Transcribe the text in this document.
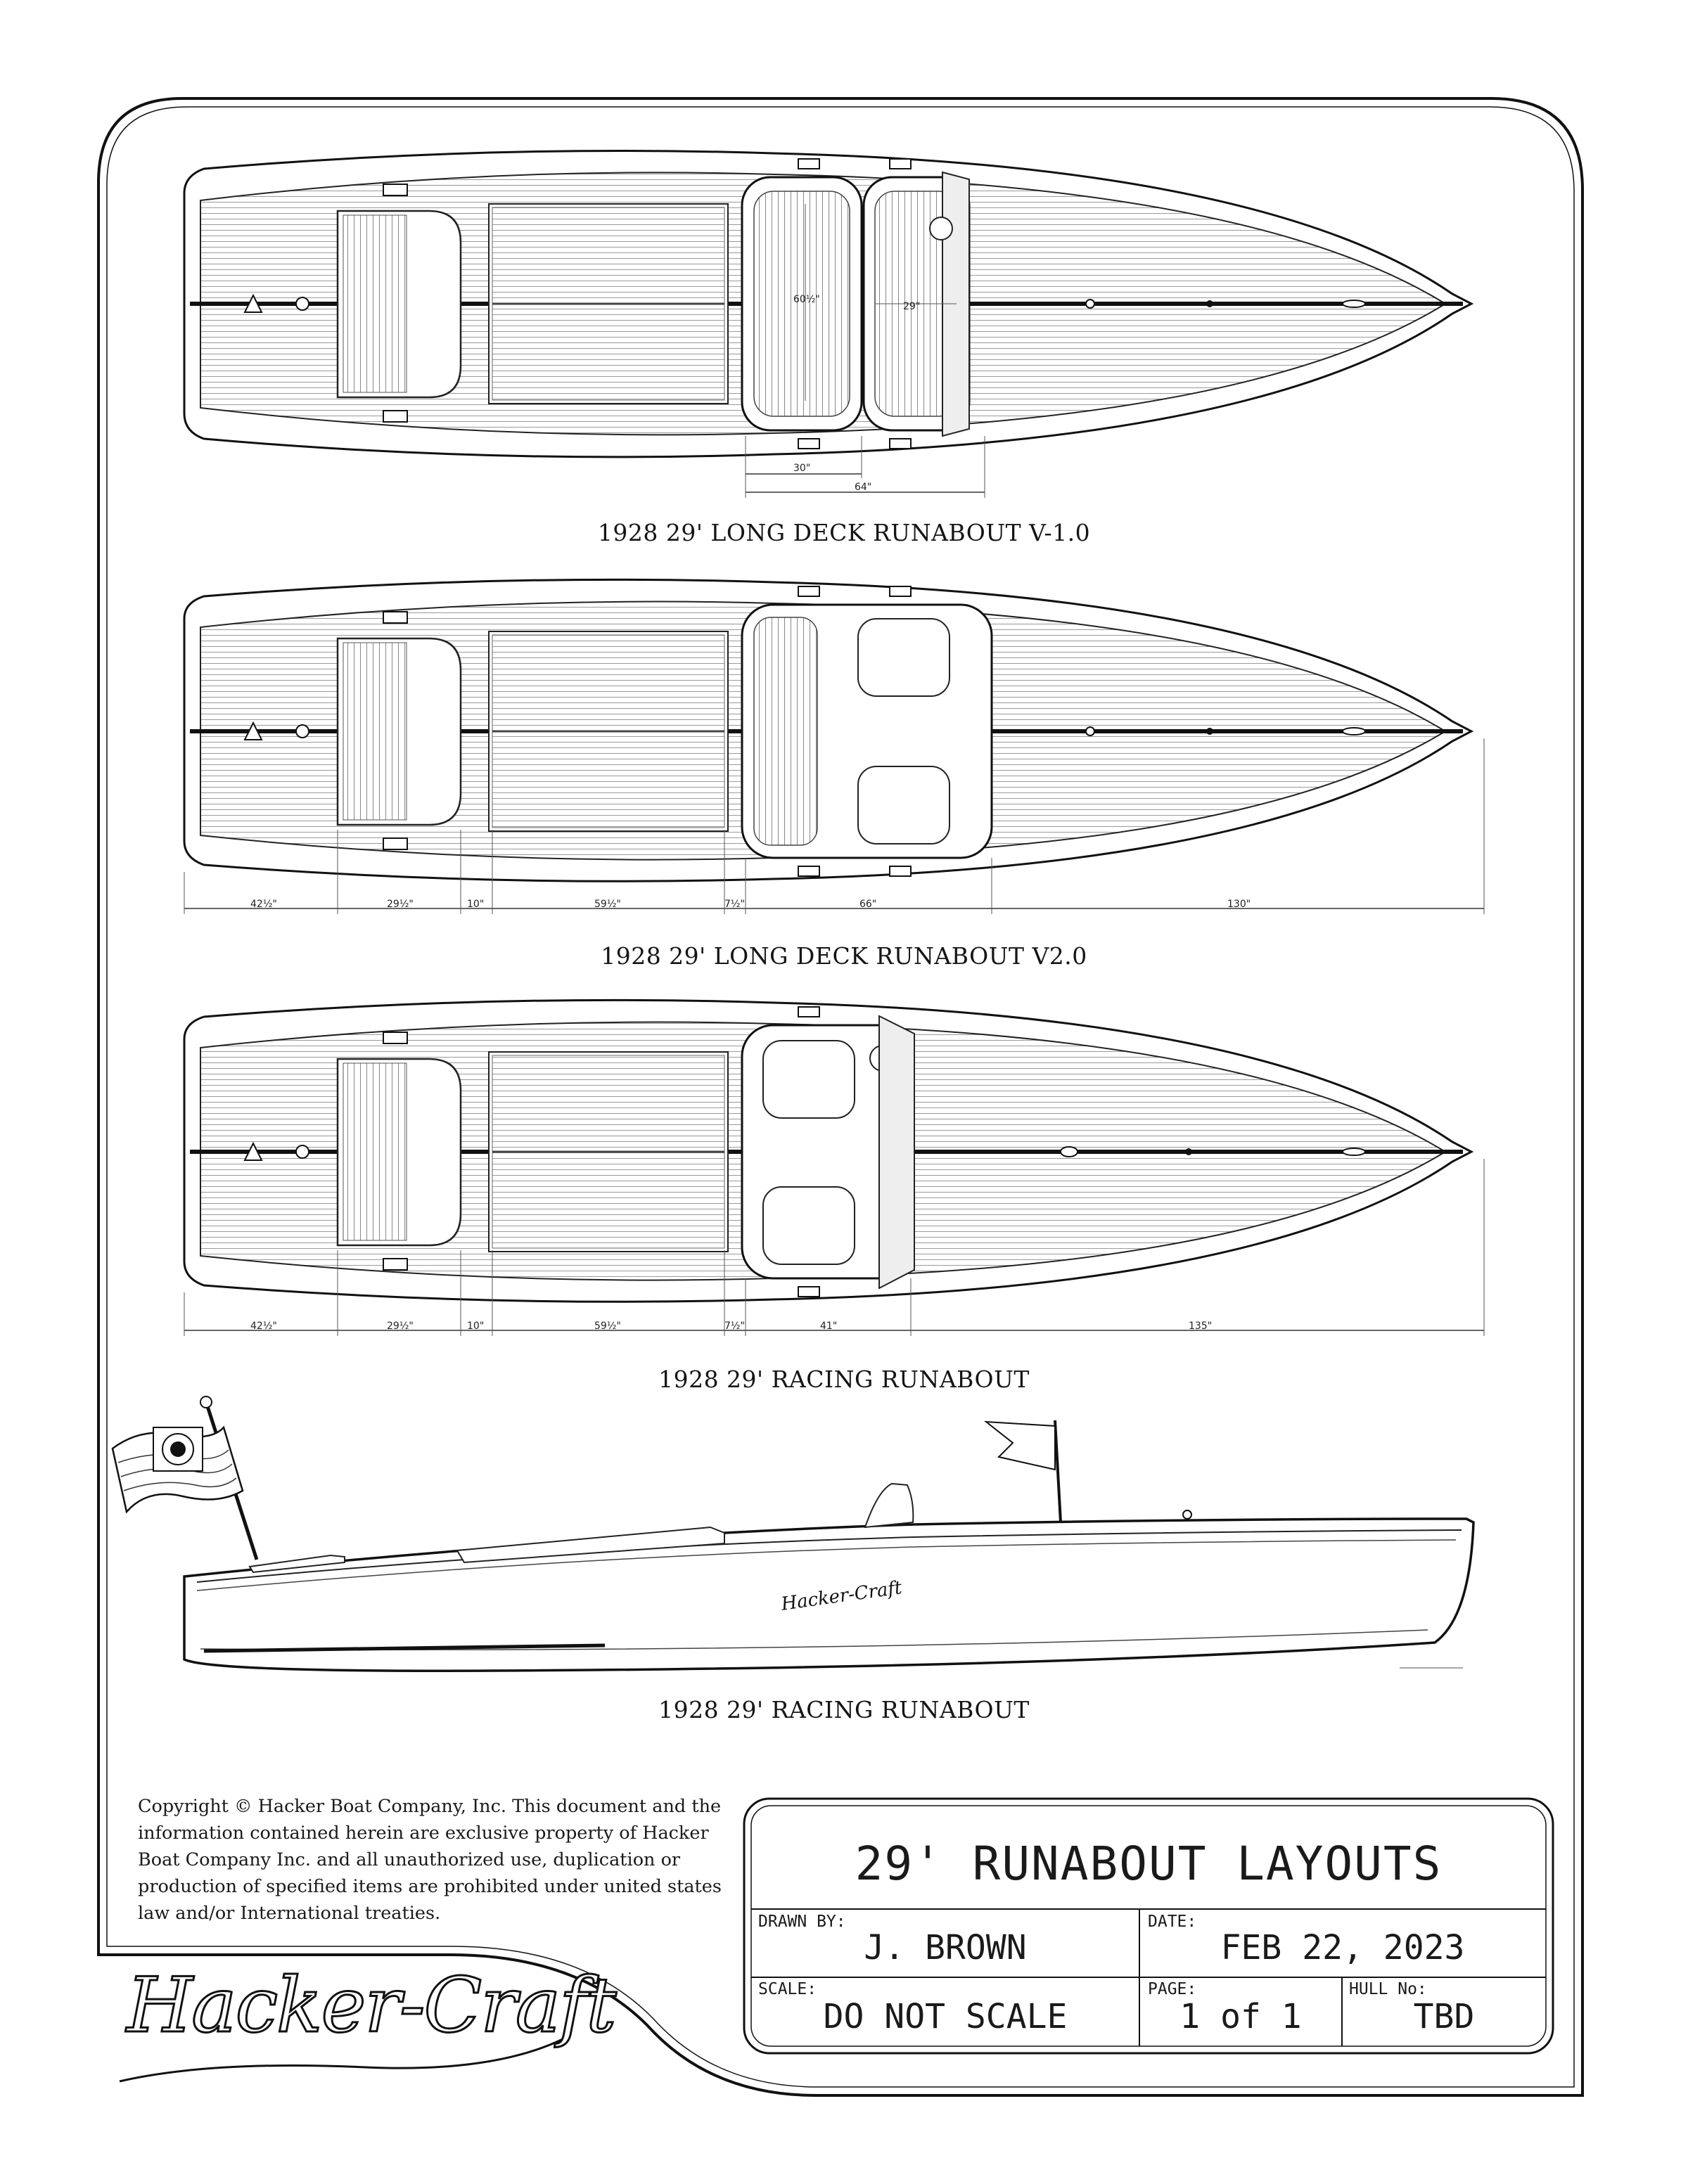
1928 29' LONG DECK RUNABOUT V-1.0
1928 29' LONG DECK RUNABOUT V2.0
1928 29' RACING RUNABOUT
1928 29' RACING RUNABOUT
60½"
29"
30"
64"
42½"	29½"	10"	59½"	7½"	66"	130"
42½"	29½"	10"	59½"	7½"	41"	135"
Hacker-Craft
Copyright © Hacker Boat Company, Inc. This document and the information contained herein are exclusive property of Hacker Boat Company Inc. and all unauthorized use, duplication or production of specified items are prohibited under united states law and/or International treaties.
Hacker-Craft
29' RUNABOUT LAYOUTS
DRAWN BY:
J. BROWN
DATE:
FEB 22, 2023
SCALE:
DO NOT SCALE
PAGE:
1 of 1
HULL No:
TBD
